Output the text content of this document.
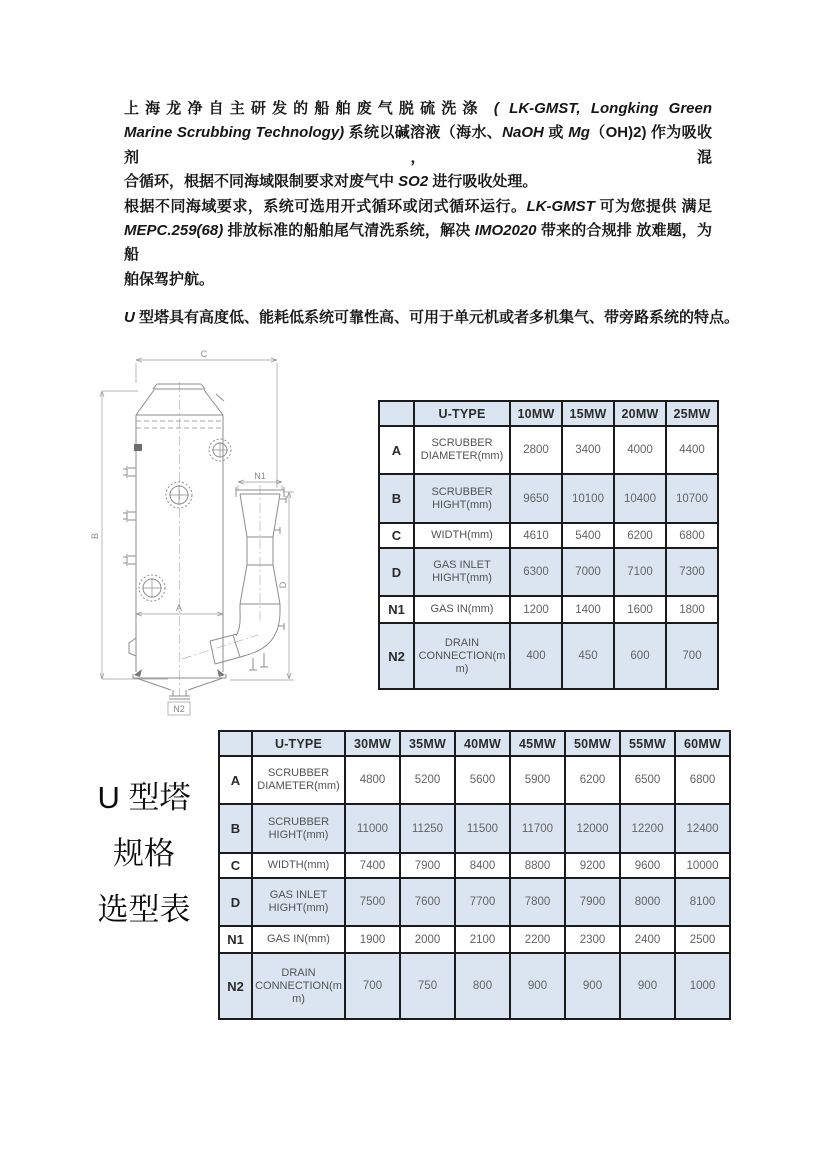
上海龙净自主研发的船舶废气脱硫洗涤 ( LK-GMST, Longking Green
Marine Scrubbing Technology) 系统以碱溶液（海水、NaOH 或 Mg（OH)2) 作为吸收剂，混
合循环，根据不同海域限制要求对废气中 SO2 进行吸收处理。
根据不同海域要求，系统可选用开式循环或闭式循环运行。LK-GMST 可为您提供 满足
MEPC.259(68) 排放标准的船舶尾气清洗系统，解决 IMO2020 带来的合规排 放难题，为船
舶保驾护航。
U 型塔具有高度低、能耗低系统可靠性高、可用于单元机或者多机集气、带旁路系统的特点。
U 型塔
规格
选型表
C
B
A
D
N1
N2
	U-TYPE	10MW	15MW	20MW	25MW
A	SCRUBBER DIAMETER(mm)	2800	3400	4000	4400
B	SCRUBBER HIGHT(mm)	9650	10100	10400	10700
C	WIDTH(mm)	4610	5400	6200	6800
D	GAS INLET HIGHT(mm)	6300	7000	7100	7300
N1	GAS IN(mm)	1200	1400	1600	1800
N2	DRAIN CONNECTION(mm)	400	450	600	700
	U-TYPE	30MW	35MW	40MW	45MW	50MW	55MW	60MW
A	SCRUBBER DIAMETER(mm)	4800	5200	5600	5900	6200	6500	6800
B	SCRUBBER HIGHT(mm)	11000	11250	11500	11700	12000	12200	12400
C	WIDTH(mm)	7400	7900	8400	8800	9200	9600	10000
D	GAS INLET HIGHT(mm)	7500	7600	7700	7800	7900	8000	8100
N1	GAS IN(mm)	1900	2000	2100	2200	2300	2400	2500
N2	DRAIN CONNECTION(mm)	700	750	800	900	900	900	1000
